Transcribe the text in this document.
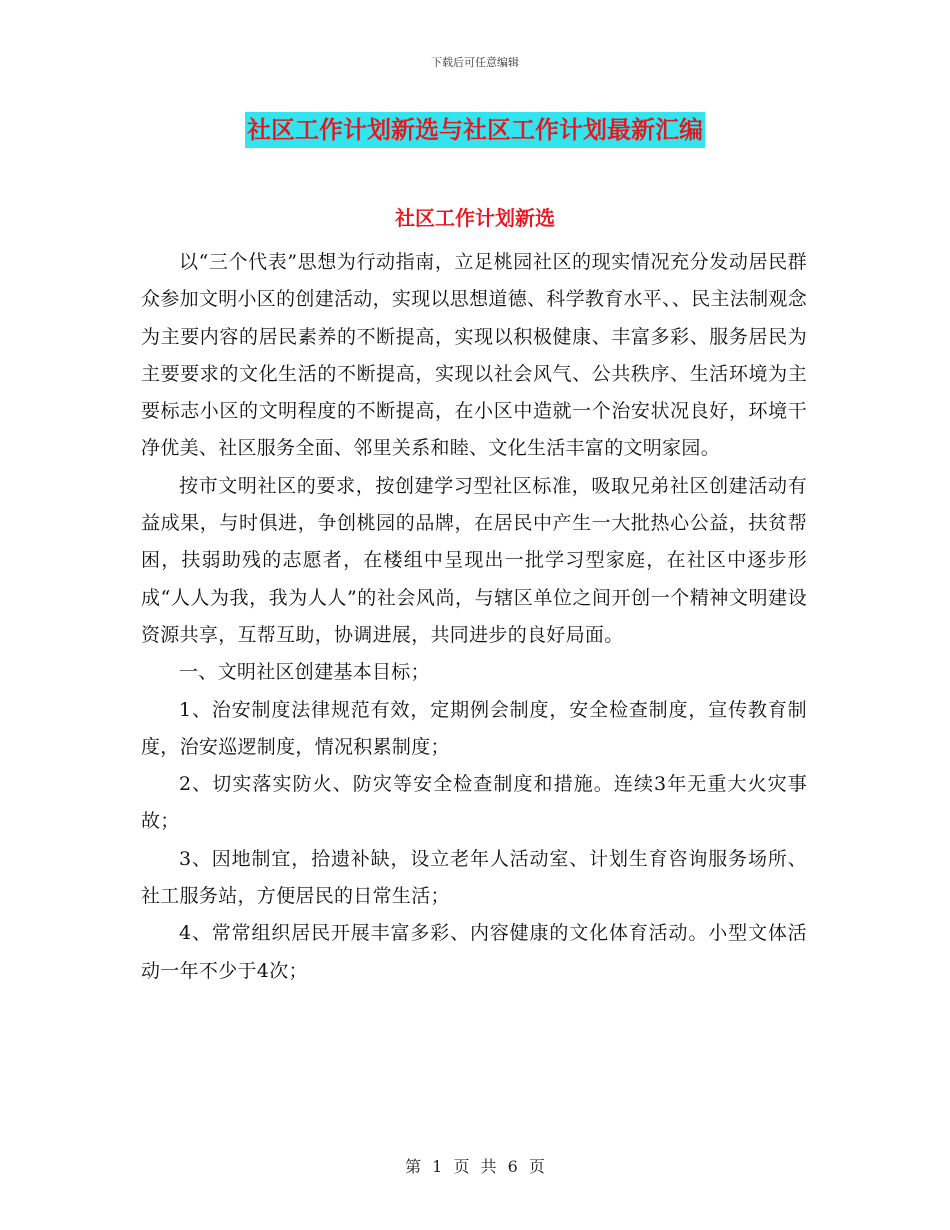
下载后可任意编辑
社区工作计划新选与社区工作计划最新汇编
社区工作计划新选

以“三个代表”思想为行动指南，立足桃园社区的现实情况充分发动居民群众参加文明小区的创建活动，实现以思想道德、科学教育水平、、民主法制观念为主要内容的居民素养的不断提高，实现以积极健康、丰富多彩、服务居民为主要要求的文化生活的不断提高，实现以社会风气、公共秩序、生活环境为主要标志小区的文明程度的不断提高，在小区中造就一个治安状况良好，环境干净优美、社区服务全面、邻里关系和睦、文化生活丰富的文明家园。

按市文明社区的要求，按创建学习型社区标准，吸取兄弟社区创建活动有益成果，与时俱进，争创桃园的品牌，在居民中产生一大批热心公益，扶贫帮困，扶弱助残的志愿者，在楼组中呈现出一批学习型家庭，在社区中逐步形成“人人为我，我为人人”的社会风尚，与辖区单位之间开创一个精神文明建设资源共享，互帮互助，协调进展，共同进步的良好局面。

一、文明社区创建基本目标；

1、治安制度法律规范有效，定期例会制度，安全检查制度，宣传教育制度，治安巡逻制度，情况积累制度；

2、切实落实防火、防灾等安全检查制度和措施。连续3年无重大火灾事故；

3、因地制宜，拾遗补缺，设立老年人活动室、计划生育咨询服务场所、社工服务站，方便居民的日常生活；

4、常常组织居民开展丰富多彩、内容健康的文化体育活动。小型文体活动一年不少于4次；

第 1 页 共 6 页
